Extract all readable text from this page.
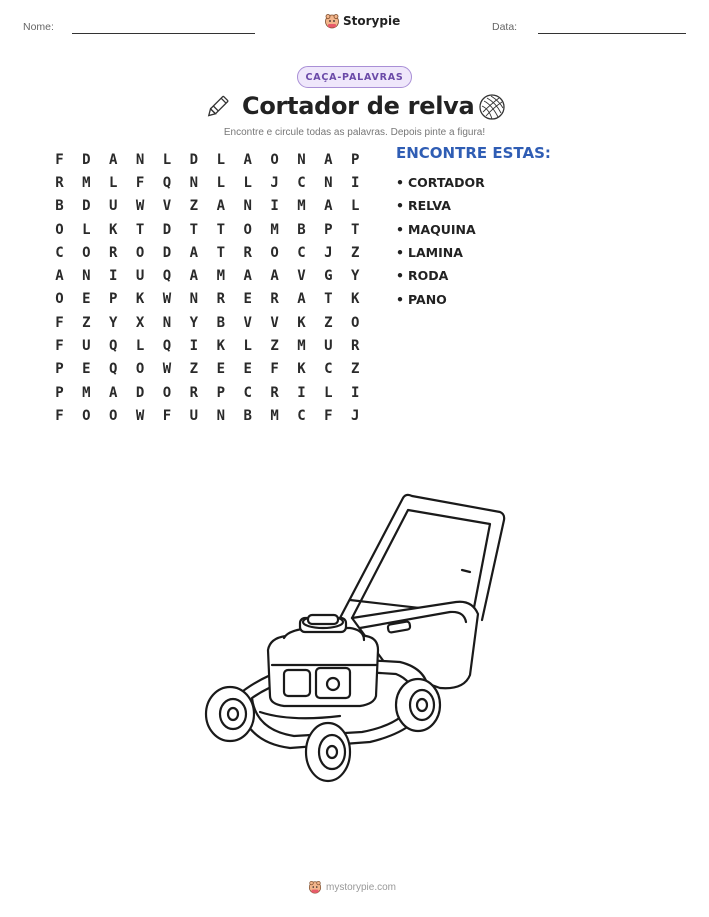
Nome:	Storypie	Data:
CAÇA-PALAVRAS
Cortador de relva
Encontre e circule todas as palavras. Depois pinte a figura!
F	D	A	N	L	D	L	A	O	N	A	P
R	M	L	F	Q	N	L	L	J	C	N	I
B	D	U	W	V	Z	A	N	I	M	A	L
O	L	K	T	D	T	T	O	M	B	P	T
C	O	R	O	D	A	T	R	O	C	J	Z
A	N	I	U	Q	A	M	A	A	V	G	Y
O	E	P	K	W	N	R	E	R	A	T	K
F	Z	Y	X	N	Y	B	V	V	K	Z	O
F	U	Q	L	Q	I	K	L	Z	M	U	R
P	E	Q	O	W	Z	E	E	F	K	C	Z
P	M	A	D	O	R	P	C	R	I	L	I
F	O	O	W	F	U	N	B	M	C	F	J
ENCONTRE ESTAS:
• CORTADOR
• RELVA
• MAQUINA
• LAMINA
• RODA
• PANO
mystorypie.com
